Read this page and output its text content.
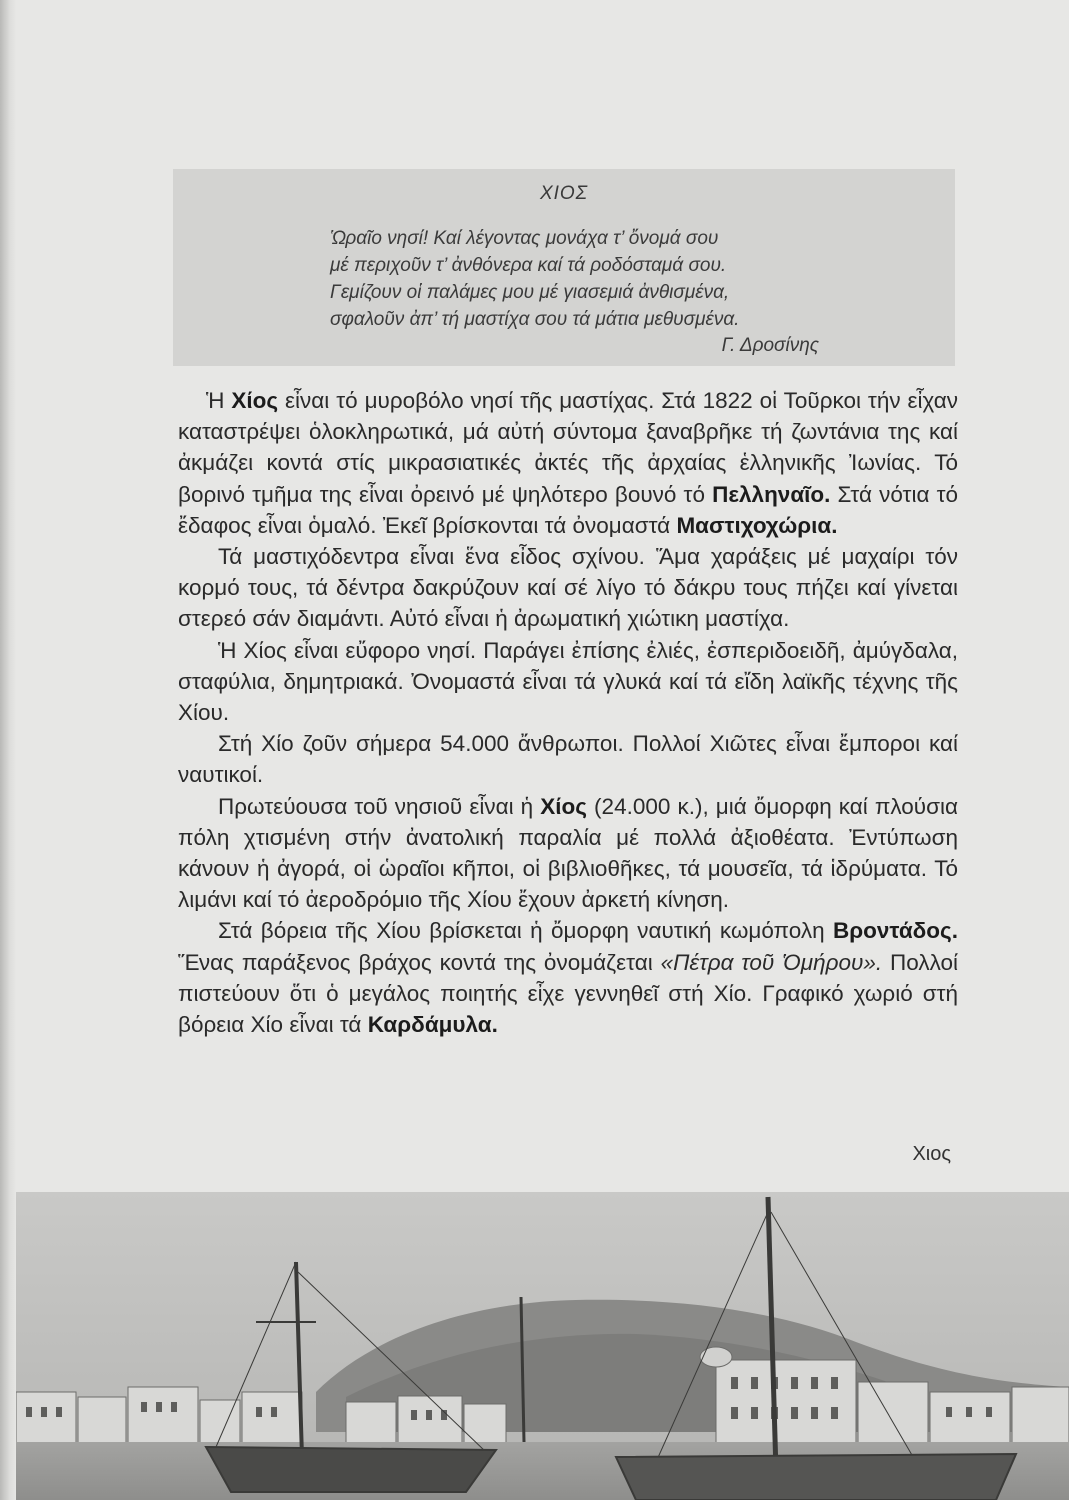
ΧΙΟΣ
Ὡραῖο νησί! Καί λέγοντας μονάχα τ’ ὄνομά σου
μέ περιχοῦν τ’ ἀνθόνερα καί τά ροδόσταμά σου.
Γεμίζουν οἱ παλάμες μου μέ γιασεμιά ἀνθισμένα,
σφαλοῦν ἀπ’ τή μαστίχα σου τά μάτια μεθυσμένα.
Γ. Δροσίνης

Ἡ Χίος εἶναι τό μυροβόλο νησί τῆς μαστίχας. Στά 1822 οἱ Τοῦρκοι τήν εἶχαν καταστρέψει ὁλοκληρωτικά, μά αὐτή σύντομα ξαναβρῆκε τή ζωντάνια της καί ἀκμάζει κοντά στίς μικρασιατικές ἀκτές τῆς ἀρχαίας ἑλληνικῆς Ἰωνίας. Τό βορινό τμῆμα της εἶναι ὀρεινό μέ ψηλότερο βουνό τό Πελληναῖο. Στά νότια τό ἔδαφος εἶναι ὁμαλό. Ἐκεῖ βρίσκονται τά ὀνομαστά Μαστιχοχώρια.

Τά μαστιχόδεντρα εἶναι ἕνα εἶδος σχίνου. Ἅμα χαράξεις μέ μαχαίρι τόν κορμό τους, τά δέντρα δακρύζουν καί σέ λίγο τό δάκρυ τους πήζει καί γίνεται στερεό σάν διαμάντι. Αὐτό εἶναι ἡ ἀρωματική χιώτικη μαστίχα.

Ἡ Χίος εἶναι εὔφορο νησί. Παράγει ἐπίσης ἐλιές, ἐσπεριδοειδῆ, ἀμύγδαλα, σταφύλια, δημητριακά. Ὀνομαστά εἶναι τά γλυκά καί τά εἴδη λαϊκῆς τέχνης τῆς Χίου.

Στή Χίο ζοῦν σήμερα 54.000 ἄνθρωποι. Πολλοί Χιῶτες εἶναι ἔμποροι καί ναυτικοί.

Πρωτεύουσα τοῦ νησιοῦ εἶναι ἡ Χίος (24.000 κ.), μιά ὄμορφη καί πλούσια πόλη χτισμένη στήν ἀνατολική παραλία μέ πολλά ἀξιοθέατα. Ἐντύπωση κάνουν ἡ ἀγορά, οἱ ὡραῖοι κῆποι, οἱ βιβλιοθῆκες, τά μουσεῖα, τά ἱδρύματα. Τό λιμάνι καί τό ἀεροδρόμιο τῆς Χίου ἔχουν ἀρκετή κίνηση.

Στά βόρεια τῆς Χίου βρίσκεται ἡ ὄμορφη ναυτική κωμόπολη Βροντάδος. Ἕνας παράξενος βράχος κοντά της ὀνομάζεται «Πέτρα τοῦ Ὁμήρου». Πολλοί πιστεύουν ὅτι ὁ μεγάλος ποιητής εἶχε γεννηθεῖ στή Χίο. Γραφικό χωριό στή βόρεια Χίο εἶναι τά Καρδάμυλα.

Χιος
